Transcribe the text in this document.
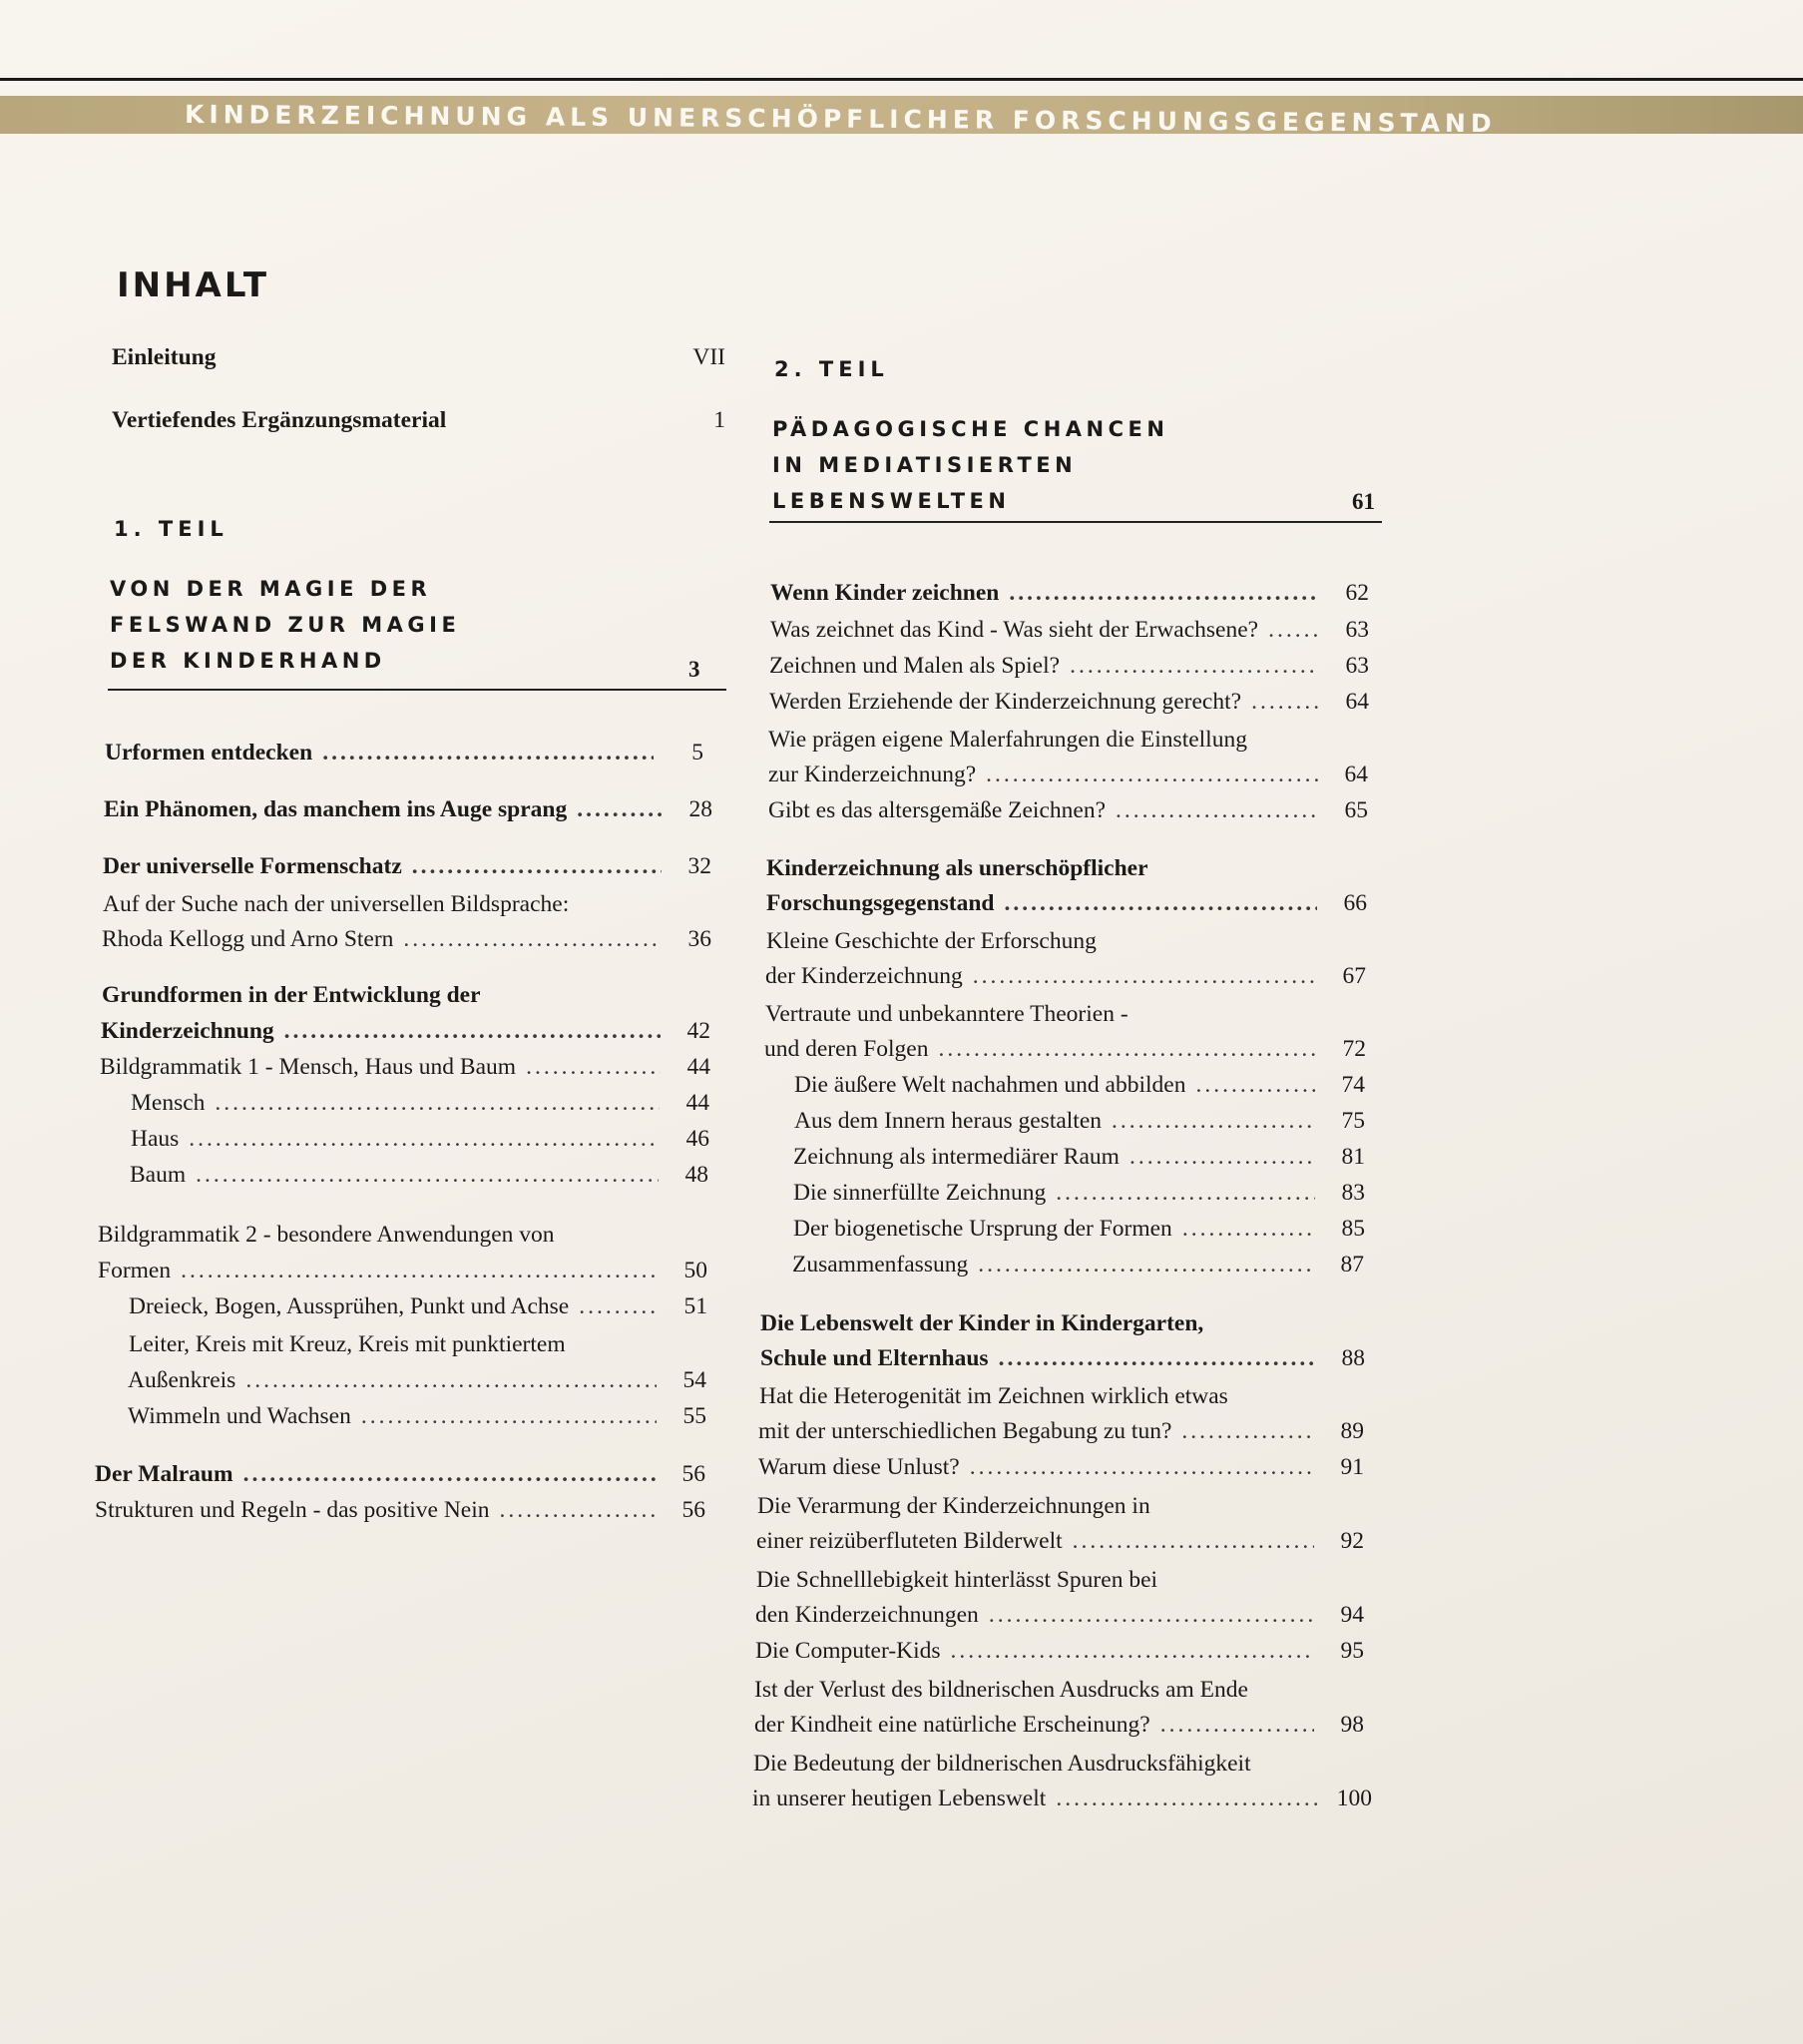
KINDERZEICHNUNG ALS UNERSCHÖPFLICHER FORSCHUNGSGEGENSTAND
INHALT
Einleitung	VII
Vertiefendes Ergänzungsmaterial	1
1. TEIL
VON DER MAGIE DER
FELSWAND ZUR MAGIE
DER KINDERHAND	3
Urformen entdecken .....	5
Ein Phänomen, das manchem ins Auge sprang .....	28
Der universelle Formenschatz .....	32
Auf der Suche nach der universellen Bildsprache:
Rhoda Kellogg und Arno Stern .....	36
Grundformen in der Entwicklung der
Kinderzeichnung .....	42
Bildgrammatik 1 - Mensch, Haus und Baum .....	44
Mensch .....	44
Haus .....	46
Baum .....	48
Bildgrammatik 2 - besondere Anwendungen von
Formen .....	50
Dreieck, Bogen, Aussprühen, Punkt und Achse .....	51
Leiter, Kreis mit Kreuz, Kreis mit punktiertem
Außenkreis .....	54
Wimmeln und Wachsen .....	55
Der Malraum .....	56
Strukturen und Regeln - das positive Nein .....	56
2. TEIL
PÄDAGOGISCHE CHANCEN
IN MEDIATISIERTEN
LEBENSWELTEN	61
Wenn Kinder zeichnen .....	62
Was zeichnet das Kind - Was sieht der Erwachsene? .....	63
Zeichnen und Malen als Spiel? .....	63
Werden Erziehende der Kinderzeichnung gerecht? .....	64
Wie prägen eigene Malerfahrungen die Einstellung
zur Kinderzeichnung? .....	64
Gibt es das altersgemäße Zeichnen? .....	65
Kinderzeichnung als unerschöpflicher
Forschungsgegenstand .....	66
Kleine Geschichte der Erforschung
der Kinderzeichnung .....	67
Vertraute und unbekanntere Theorien -
und deren Folgen .....	72
Die äußere Welt nachahmen und abbilden .....	74
Aus dem Innern heraus gestalten .....	75
Zeichnung als intermediärer Raum .....	81
Die sinnerfüllte Zeichnung .....	83
Der biogenetische Ursprung der Formen .....	85
Zusammenfassung .....	87
Die Lebenswelt der Kinder in Kindergarten,
Schule und Elternhaus .....	88
Hat die Heterogenität im Zeichnen wirklich etwas
mit der unterschiedlichen Begabung zu tun? .....	89
Warum diese Unlust? .....	91
Die Verarmung der Kinderzeichnungen in
einer reizüberfluteten Bilderwelt .....	92
Die Schnelllebigkeit hinterlässt Spuren bei
den Kinderzeichnungen .....	94
Die Computer-Kids .....	95
Ist der Verlust des bildnerischen Ausdrucks am Ende
der Kindheit eine natürliche Erscheinung? .....	98
Die Bedeutung der bildnerischen Ausdrucksfähigkeit
in unserer heutigen Lebenswelt .....	100
